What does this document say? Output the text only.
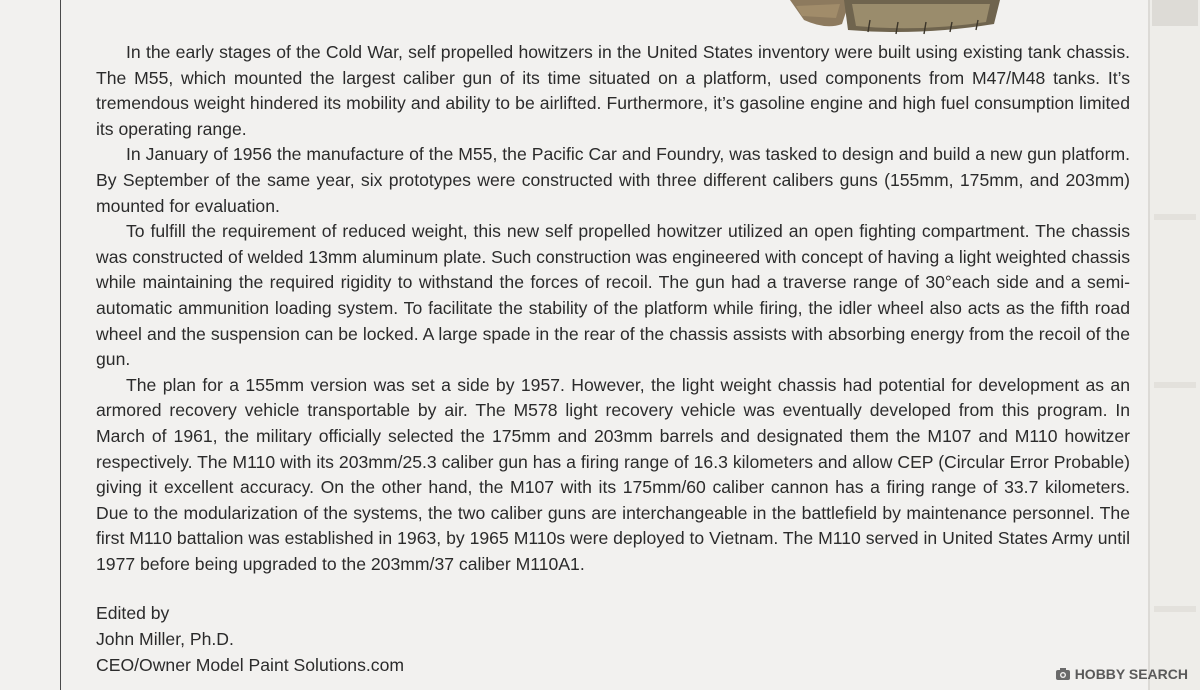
In the early stages of the Cold War, self propelled howitzers in the United States inventory were built using existing tank chassis. The M55, which mounted the largest caliber gun of its time situated on a platform, used components from M47/M48 tanks. It’s tremendous weight hindered its mobility and ability to be airlifted. Furthermore, it’s gasoline engine and high fuel consumption limited its operating range.

In January of 1956 the manufacture of the M55, the Pacific Car and Foundry, was tasked to design and build a new gun platform. By September of the same year, six prototypes were constructed with three different calibers guns (155mm, 175mm, and 203mm) mounted for evaluation.

To fulfill the requirement of reduced weight, this new self propelled howitzer utilized an open fighting compartment. The chassis was constructed of welded 13mm aluminum plate. Such construction was engineered with concept of having a light weighted chassis while maintaining the required rigidity to withstand the forces of recoil. The gun had a traverse range of 30°each side and a semi-automatic ammunition loading system. To facilitate the stability of the platform while firing, the idler wheel also acts as the fifth road wheel and the suspension can be locked. A large spade in the rear of the chassis assists with absorbing energy from the recoil of the gun.

The plan for a 155mm version was set a side by 1957. However, the light weight chassis had potential for development as an armored recovery vehicle transportable by air. The M578 light recovery vehicle was eventually developed from this program. In March of 1961, the military officially selected the 175mm and 203mm barrels and designated them the M107 and M110 howitzer respectively. The M110 with its 203mm/25.3 caliber gun has a firing range of 16.3 kilometers and allow CEP (Circular Error Probable) giving it excellent accuracy. On the other hand, the M107 with its 175mm/60 caliber cannon has a firing range of 33.7 kilometers. Due to the modularization of the systems, the two caliber guns are interchangeable in the battlefield by maintenance personnel. The first M110 battalion was established in 1963, by 1965 M110s were deployed to Vietnam. The M110 served in United States Army until 1977 before being upgraded to the 203mm/37 caliber M110A1.

Edited by
John Miller, Ph.D.
CEO/Owner Model Paint Solutions.com	HOBBY SEARCH
